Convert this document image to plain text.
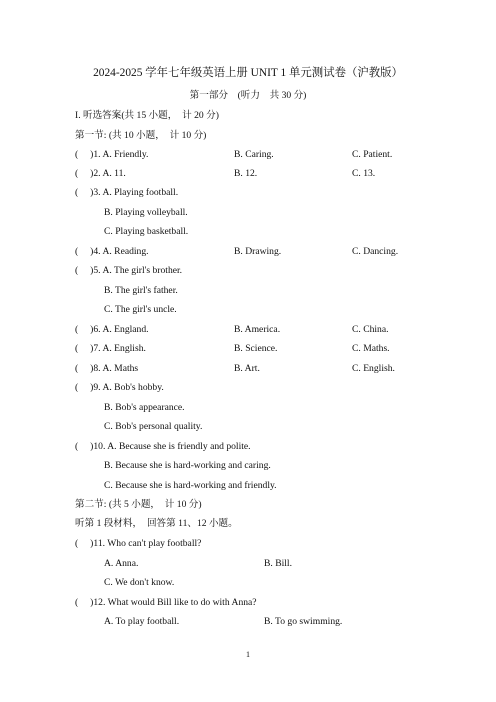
2024-2025 学年七年级英语上册 UNIT 1 单元测试卷（沪教版）
第一部分　(听力　共 30 分)
I. 听选答案(共 15 小题，　计 20 分)
第一节: (共 10 小题，　计 10 分)
(　 )1. A. Friendly.	B. Caring.	C. Patient.
(　 )2. A. 11.	B. 12.	C. 13.
(　 )3. A. Playing football.
B. Playing volleyball.
C. Playing basketball.
(　 )4. A. Reading.	B. Drawing.	C. Dancing.
(　 )5. A. The girl's brother.
B. The girl's father.
C. The girl's uncle.
(　 )6. A. England.	B. America.	C. China.
(　 )7. A. English.	B. Science.	C. Maths.
(　 )8. A. Maths	B. Art.	C. English.
(　 )9. A. Bob's hobby.
B. Bob's appearance.
C. Bob's personal quality.
(　 )10. A. Because she is friendly and polite.
B. Because she is hard-working and caring.
C. Because she is hard-working and friendly.
第二节: (共 5 小题，　计 10 分)
听第 1 段材料，　回答第 11、12 小题。
(　 )11. Who can't play football?
A. Anna.	B. Bill.
C. We don't know.
(　 )12. What would Bill like to do with Anna?
A. To play football.	B. To go swimming.
1
